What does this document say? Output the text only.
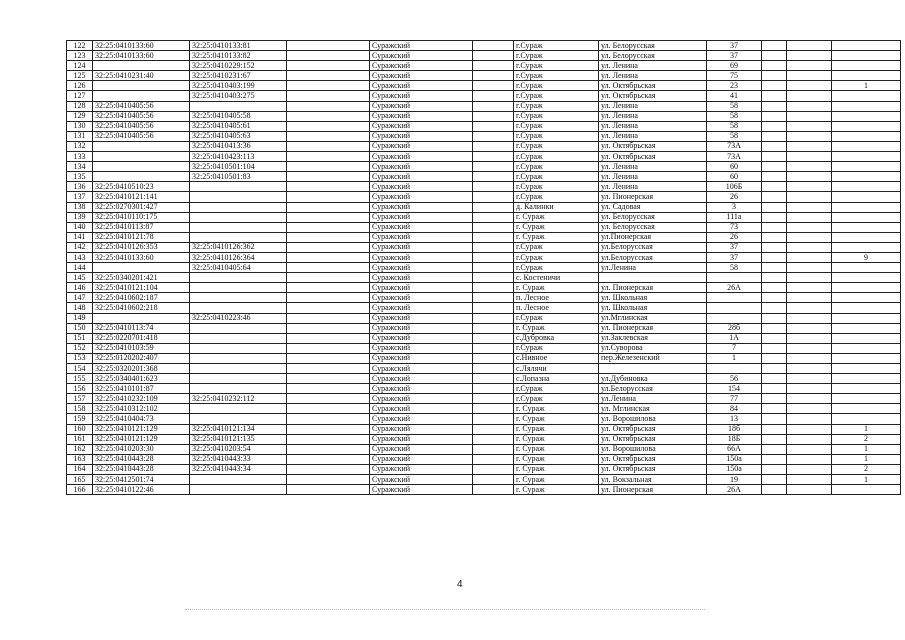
122	32:25:0410133:60	32:25:0410133:81		Суражский		г.Сураж	ул. Белорусская	37			
123	32:25:0410133:60	32:25:0410133:82		Суражский		г.Сураж	ул. Белорусская	37			
124		32:25:0410229:152		Суражский		г.Сураж	ул. Ленина	69			
125	32:25:0410231:40	32:25:0410231:67		Суражский		г.Сураж	ул. Ленина	75			
126		32:25:0410403:199		Суражский		г.Сураж	ул. Октябрьская	23			1
127		32:25:0410403:275		Суражский		г.Сураж	ул. Октябрьская	41			
128	32:25:0410405:56			Суражский		г.Сураж	ул. Ленина	58			
129	32:25:0410405:56	32:25:0410405:58		Суражский		г.Сураж	ул. Ленина	58			
130	32:25:0410405:56	32:25:0410405:61		Суражский		г.Сураж	ул. Ленина	58			
131	32:25:0410405:56	32:25:0410405:63		Суражский		г.Сураж	ул. Ленина	58			
132		32:25:0410413:36		Суражский		г.Сураж	ул. Октябрьская	73А			
133		32:25:0410423:113		Суражский		г.Сураж	ул. Октябрьская	73А			
134		32:25:0410501:104		Суражский		г.Сураж	ул. Ленина	60			
135		32:25:0410501:83		Суражский		г.Сураж	ул. Ленина	60			
136	32:25:0410510:23			Суражский		г.Сураж	ул. Ленина	106Б			
137	32:25:0410121:141			Суражский		г.Сураж	ул. Пионерская	26			
138	32:25:0270301:427			Суражский		д. Калинки	ул. Садовая	3			
139	32:25:0410110:175			Суражский		г. Сураж	ул. Белорусская	111а			
140	32:25:0410113:87			Суражский		г. Сураж	ул. Белорусская	73			
141	32:25:0410121:78			Суражский		г. Сураж	ул.Пионерская	26			
142	32:25:0410126:353	32:25:0410126:362		Суражский		г.Сураж	ул.Белорусская	37			
143	32:25:0410133:60	32:25:0410126:364		Суражский		г.Сураж	ул.Белорусская	37			9
144		32:25:0410405:64		Суражский		г.Сураж	ул.Ленина	58			
145	32:25:0340201:421			Суражский		с. Костеничи					
146	32:25:0410121:104			Суражский		г. Сураж	ул. Пионерская	26А			
147	32:25:0410602:187			Суражский		п. Лесное	ул. Школьная				
148	32:25:0410602:218			Суражский		п. Лесное	ул. Школьная				
149		32:25:0410223:46		Суражский		г.Сураж	ул.Мглинская				
150	32:25:0410113:74			Суражский		г. Сураж	ул. Пионерская	28б			
151	32:25:0220701:418			Суражский		с.Дубровка	ул.Заклевская	1А			
152	32:25:0410103:59			Суражский		г.Сураж	ул.Суворова	7			
153	32:25:0120202:407			Суражский		с.Нивное	пер.Железенский	1			
154	32:25:0320201:368			Суражский		с.Лялячи					
155	32:25:0340401:623			Суражский		с.Лопазна	ул.Дубиновка	56			
156	32:25:0410101:87			Суражский		г.Сураж	ул.Белорусская	154			
157	32:25:0410232:109	32:25:0410232:112		Суражский		г.Сураж	ул.Ленина	77			
158	32:25:0410312:102			Суражский		г. Сураж	ул. Мглинская	84			
159	32:25:0410404:73			Суражский		г. Сураж	ул. Ворошилова	13			
160	32:25:0410121:129	32:25:0410121:134		Суражский		г. Сураж	ул. Октябрьская	18б			1
161	32:25:0410121:129	32:25:0410121:135		Суражский		г. Сураж	ул. Октябрьская	18Б			2
162	32:25:0410203:30	32:25:0410203:54		Суражский		г. Сураж	ул. Ворошилова	66А			1
163	32:25:0410443:28	32:25:0410443:33		Суражский		г. Сураж	ул. Октябрьская	150а			1
164	32:25:0410443:28	32:25:0410443:34		Суражский		г. Сураж	ул. Октябрьская	150а			2
165	32:25:0412501:74			Суражский		г. Сураж	ул. Вокзальная	19			1
166	32:25:0410122:46			Суражский		г. Сураж	ул. Пионерская	26А			
4
